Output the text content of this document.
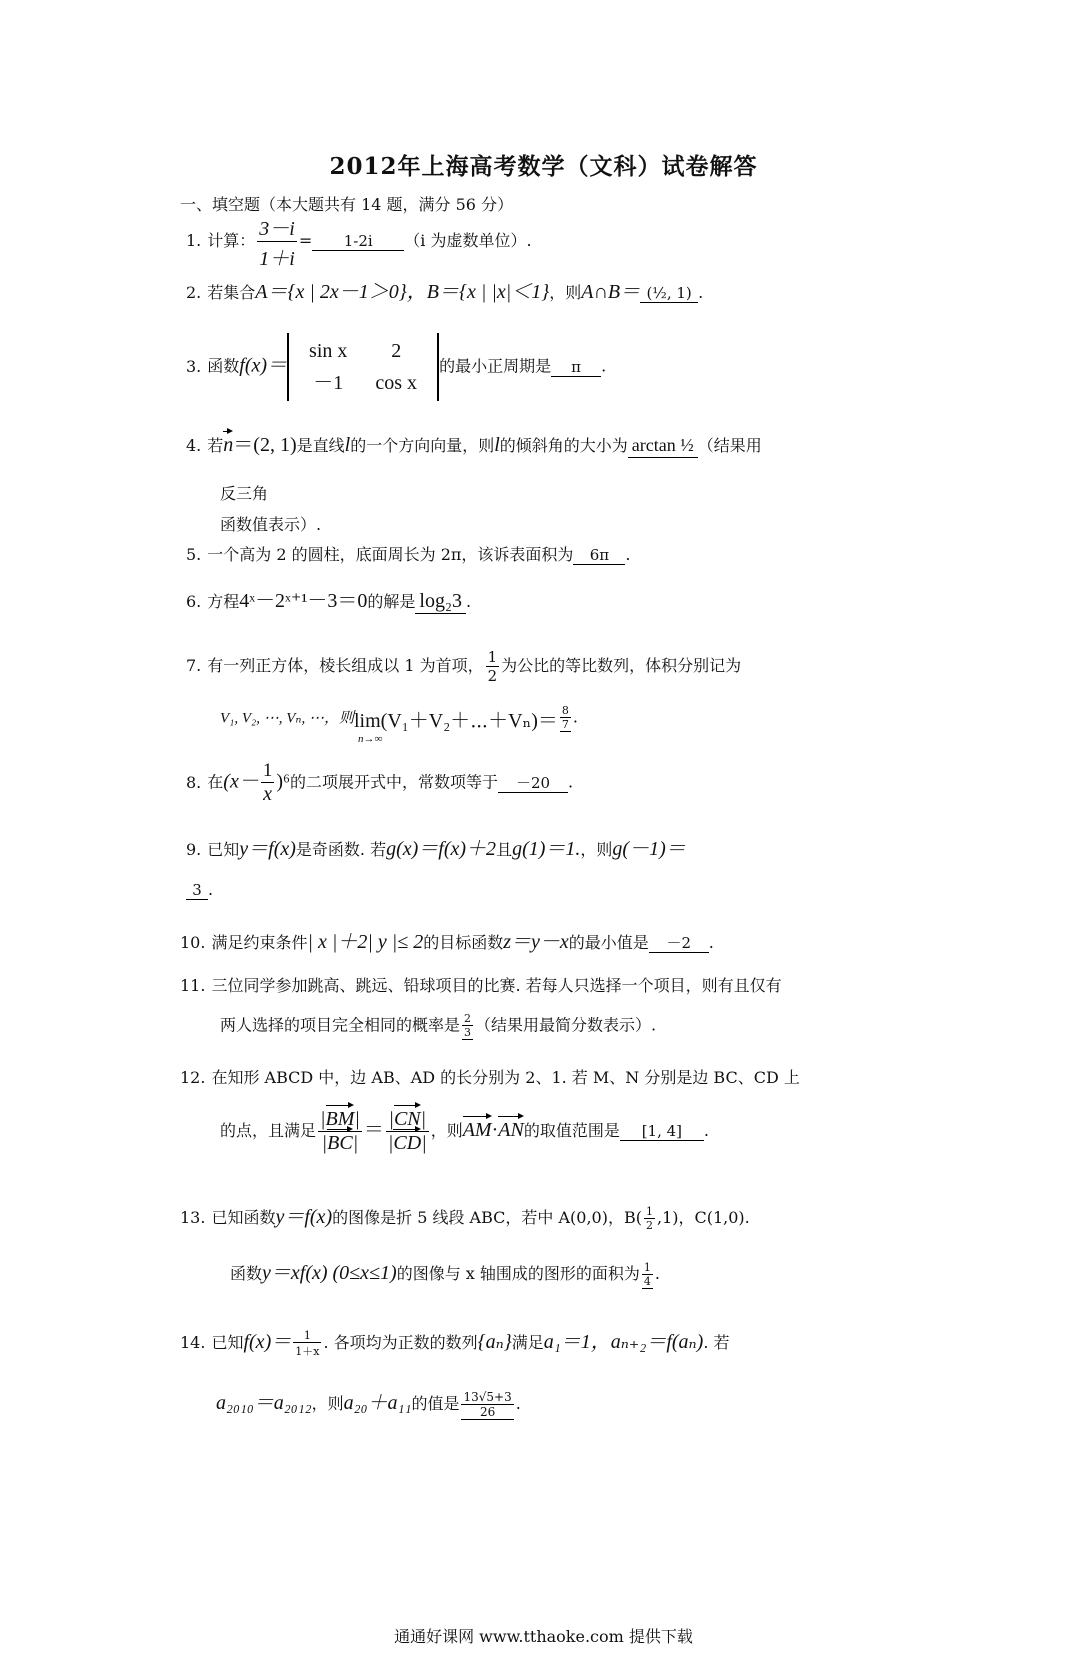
2012年上海高考数学（文科）试卷解答
一、填空题（本大题共有 14 题，满分 56 分）
1. 计算： $\frac{3-i}{1+i} = 1-2i$ （i 为虚数单位）.
2. 若集合A＝{x | 2x－1＞0}，B＝{x | |x|＜1}，则A∩B＝ (½, 1) .
3. 函数f(x)＝
sin x	2
－1	cos x
的最小正周期是 π .
4. 若n＝(2, 1)是直线l的一个方向向量，则l的倾斜角的大小为 arctan ½ （结果用
反三角
函数值表示）.
5. 一个高为 2 的圆柱，底面周长为 2π，该诉表面积为 6π .
6. 方程4ˣ－2ˣ⁺¹－3＝0的解是 log₂3 .
7. 有一列正方体，棱长组成以 1 为首项， $\frac{1}{2}$ 为公比的等比数列，体积分别记为
V₁, V₂, ⋯, Vₙ, ⋯，则 lim(V₁＋V₂＋⋯＋Vₙ)＝
n→∞
$\frac{8}{7}$ .
8. 在$(x- \frac{1}{x} )^6$的二项展开式中，常数项等于 －20 .
9. 已知y＝f(x)是奇函数. 若g(x)＝f(x)＋2且g(1)＝1.，则g(－1)＝
3 .
10. 满足约束条件| x |＋2| y |≤ 2的目标函数z＝y－x的最小值是 －2 .
11. 三位同学参加跳高、跳远、铅球项目的比赛. 若每人只选择一个项目，则有且仅有
两人选择的项目完全相同的概率是 $\frac{2}{3}$ （结果用最简分数表示）.
12. 在知形 ABCD 中，边 AB、AD 的长分别为 2、1. 若 M、N 分别是边 BC、CD 上
的点，且满足 $\frac{|BM|}{|BC|} = \frac{|CN|}{|CD|}$ ，则AM·AN的取值范围是 [1, 4] .
13. 已知函数y＝f(x)的图像是折 5 线段 ABC，若中 A(0,0)，$B( \frac{1}{2} ,1)$，C(1,0).
函数y＝xf(x) (0≤x≤1)的图像与 x 轴围成的图形的面积为 $\frac{1}{4}$ .
14. 已知$f(x)= \frac{1}{1+x}$ . 各项均为正数的数列{aₙ}满足a₁＝1，aₙ₊₂＝f(aₙ). 若
a₂₀₁₀＝a₂₀₁₂，则a₂₀＋a₁₁的值是 $\frac{13√5+3}{26}$ .
通通好课网 www.tthaoke.com 提供下载
